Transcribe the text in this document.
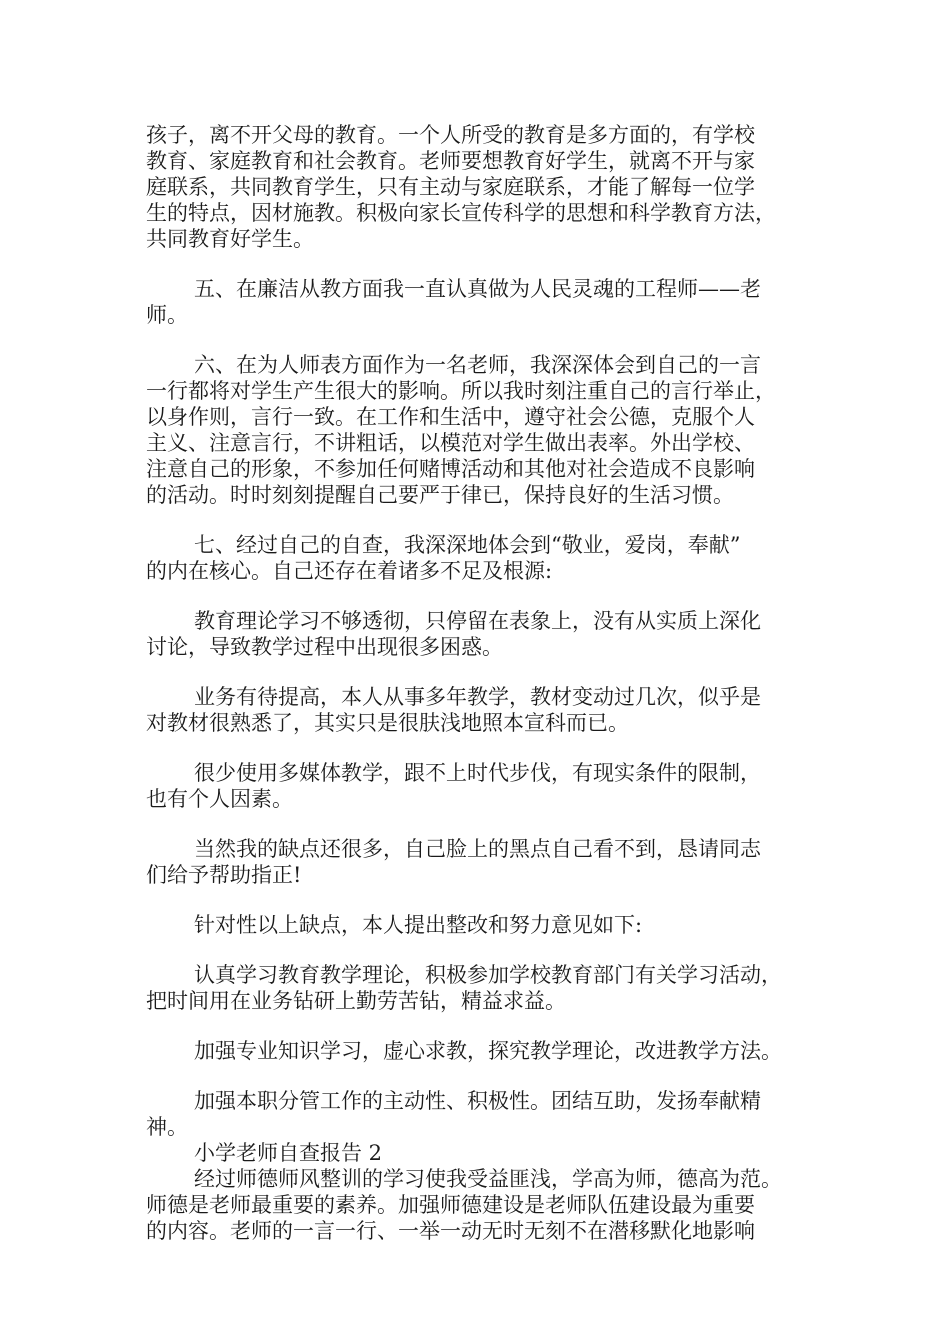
孩子，离不开父母的教育。一个人所受的教育是多方面的，有学校
教育、家庭教育和社会教育。老师要想教育好学生，就离不开与家
庭联系，共同教育学生，只有主动与家庭联系，才能了解每一位学
生的特点，因材施教。积极向家长宣传科学的思想和科学教育方法，
共同教育好学生。

五、在廉洁从教方面我一直认真做为人民灵魂的工程师——老
师。

六、在为人师表方面作为一名老师，我深深体会到自己的一言
一行都将对学生产生很大的影响。所以我时刻注重自己的言行举止，
以身作则，言行一致。在工作和生活中，遵守社会公德，克服个人
主义、注意言行，不讲粗话，以模范对学生做出表率。外出学校、
注意自己的形象，不参加任何赌博活动和其他对社会造成不良影响
的活动。时时刻刻提醒自己要严于律已，保持良好的生活习惯。

七、经过自己的自查，我深深地体会到“敬业，爱岗，奉献”
的内在核心。自己还存在着诸多不足及根源:

教育理论学习不够透彻，只停留在表象上，没有从实质上深化
讨论，导致教学过程中出现很多困惑。

业务有待提高，本人从事多年教学，教材变动过几次，似乎是
对教材很熟悉了，其实只是很肤浅地照本宣科而已。

很少使用多媒体教学，跟不上时代步伐，有现实条件的限制，
也有个人因素。

当然我的缺点还很多，自己脸上的黑点自己看不到，恳请同志
们给予帮助指正!

针对性以上缺点，本人提出整改和努力意见如下:

认真学习教育教学理论，积极参加学校教育部门有关学习活动，
把时间用在业务钻研上勤劳苦钻，精益求益。

加强专业知识学习，虚心求教，探究教学理论，改进教学方法。

加强本职分管工作的主动性、积极性。团结互助，发扬奉献精
神。

小学老师自查报告 2

经过师德师风整训的学习使我受益匪浅，学高为师，德高为范。
师德是老师最重要的素养。加强师德建设是老师队伍建设最为重要
的内容。老师的一言一行、一举一动无时无刻不在潜移默化地影响
